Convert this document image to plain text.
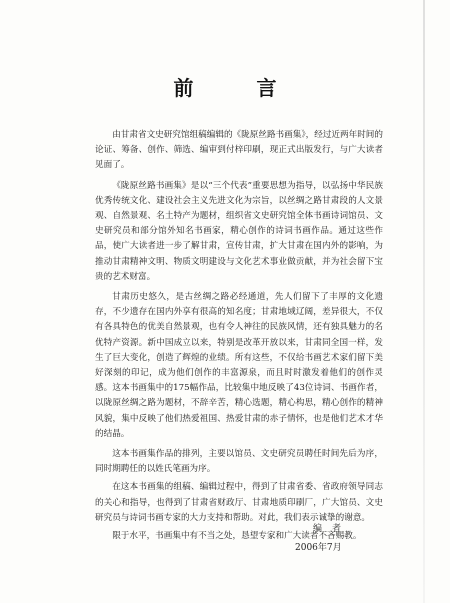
前 言

由甘肃省文史研究馆组稿编辑的《陇原丝路书画集》，经过近两年时间的论证、筹备、创作、筛选、编审到付梓印刷，现正式出版发行，与广大读者见面了。

《陇原丝路书画集》是以“三个代表”重要思想为指导，以弘扬中华民族优秀传统文化、建设社会主义先进文化为宗旨，以丝绸之路甘肃段的人文景观、自然景观、名土特产为题材，组织省文史研究馆全体书画诗词馆员、文史研究员和部分馆外知名书画家，精心创作的诗词书画作品。通过这些作品，使广大读者进一步了解甘肃，宣传甘肃，扩大甘肃在国内外的影响，为推动甘肃精神文明、物质文明建设与文化艺术事业做贡献，并为社会留下宝贵的艺术财富。

甘肃历史悠久，是古丝绸之路必经通道，先人们留下了丰厚的文化遗存，不少遗存在国内外享有很高的知名度；甘肃地域辽阔，差异很大，不仅有各具特色的优美自然景观，也有令人神往的民族风情，还有独具魅力的名优特产资源。新中国成立以来，特别是改革开放以来，甘肃同全国一样，发生了巨大变化，创造了辉煌的业绩。所有这些，不仅给书画艺术家们留下美好深刻的印记，成为他们创作的丰富源泉，而且时时激发着他们的创作灵感。这本书画集中的175幅作品，比较集中地反映了43位诗词、书画作者，以陇原丝绸之路为题材，不辞辛苦，精心选题，精心构思，精心创作的精神风貌，集中反映了他们热爱祖国、热爱甘肃的赤子情怀，也是他们艺术才华的结晶。

这本书画集作品的排列，主要以馆员、文史研究员聘任时间先后为序，同时期聘任的以姓氏笔画为序。

在这本书画集的组稿、编辑过程中，得到了甘肃省委、省政府领导同志的关心和指导，也得到了甘肃省财政厅、甘肃地质印刷厂，广大馆员、文史研究员与诗词书画专家的大力支持和帮助。对此，我们表示诚挚的谢意。

限于水平，书画集中有不当之处，恳望专家和广大读者不吝赐教。

编者
2006年7月
